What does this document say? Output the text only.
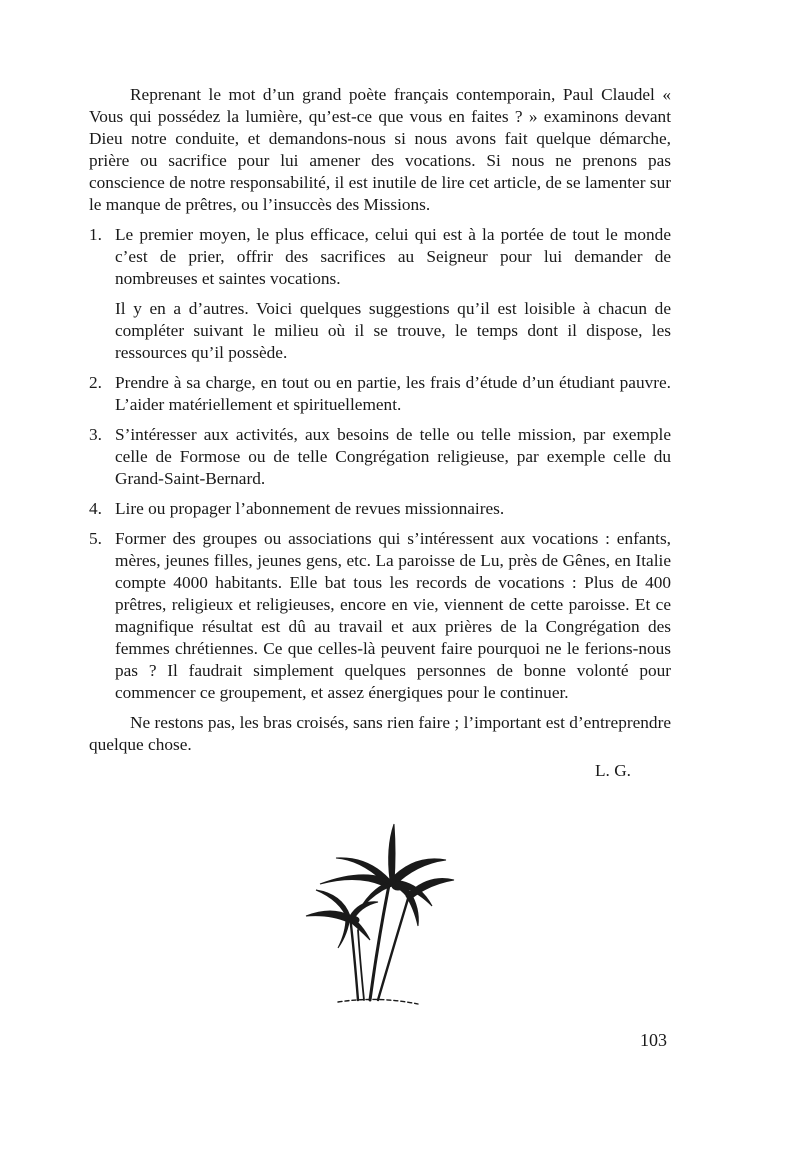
Reprenant le mot d’un grand poète français contemporain, Paul Claudel « Vous qui possédez la lumière, qu’est-ce que vous en faites ? » examinons devant Dieu notre conduite, et demandons-nous si nous avons fait quelque démarche, prière ou sacrifice pour lui amener des vocations. Si nous ne prenons pas conscience de notre responsabilité, il est inutile de lire cet article, de se lamenter sur le manque de prêtres, ou l’insuccès des Missions.

1. Le premier moyen, le plus efficace, celui qui est à la portée de tout le monde c’est de prier, offrir des sacrifices au Seigneur pour lui demander de nombreuses et saintes vocations.

Il y en a d’autres. Voici quelques suggestions qu’il est loisible à chacun de compléter suivant le milieu où il se trouve, le temps dont il dispose, les ressources qu’il possède.

2. Prendre à sa charge, en tout ou en partie, les frais d’étude d’un étudiant pauvre. L’aider matériellement et spirituellement.

3. S’intéresser aux activités, aux besoins de telle ou telle mission, par exemple celle de Formose ou de telle Congrégation religieuse, par exemple celle du Grand-Saint-Bernard.

4. Lire ou propager l’abonnement de revues missionnaires.

5. Former des groupes ou associations qui s’intéressent aux vocations : enfants, mères, jeunes filles, jeunes gens, etc. La paroisse de Lu, près de Gênes, en Italie compte 4000 habitants. Elle bat tous les records de vocations : Plus de 400 prêtres, religieux et religieuses, encore en vie, viennent de cette paroisse. Et ce magnifique résultat est dû au travail et aux prières de la Congrégation des femmes chrétiennes. Ce que celles-là peuvent faire pourquoi ne le ferions-nous pas ? Il faudrait simplement quelques personnes de bonne volonté pour commencer ce groupement, et assez énergiques pour le continuer.

Ne restons pas, les bras croisés, sans rien faire ; l’important est d’entreprendre quelque chose.

L. G.
103
